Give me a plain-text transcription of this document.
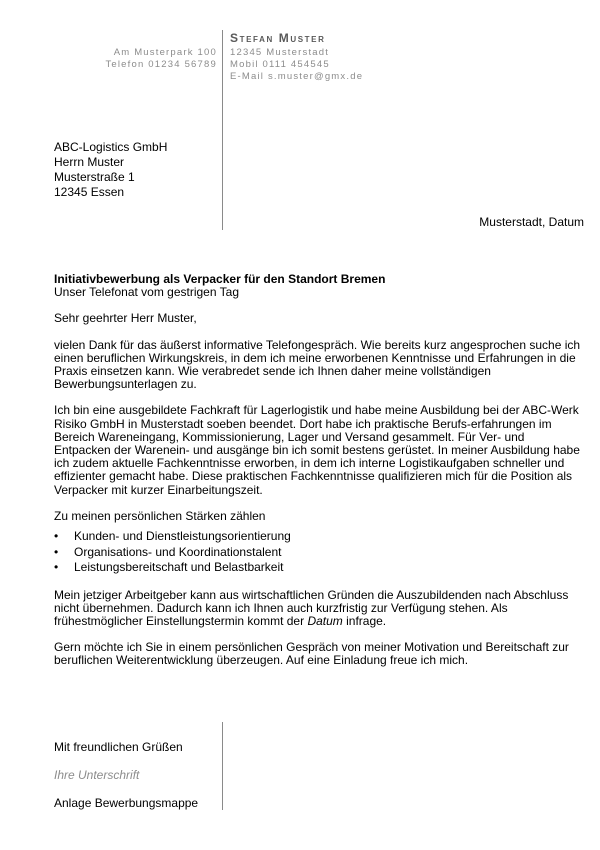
Stefan Muster
Am Musterpark 100
Telefon 01234 56789
12345 Musterstadt
Mobil 0111 454545
E-Mail s.muster@gmx.de
ABC-Logistics GmbH
Herrn Muster
Musterstraße 1
12345 Essen
Musterstadt, Datum
Initiativbewerbung als Verpacker für den Standort Bremen
Unser Telefonat vom gestrigen Tag

Sehr geehrter Herr Muster,

vielen Dank für das äußerst informative Telefongespräch. Wie bereits kurz angesprochen suche ich einen beruflichen Wirkungskreis, in dem ich meine erworbenen Kenntnisse und Erfahrungen in die Praxis einsetzen kann. Wie verabredet sende ich Ihnen daher meine vollständigen Bewerbungsunterlagen zu.

Ich bin eine ausgebildete Fachkraft für Lagerlogistik und habe meine Ausbildung bei der ABC-Werk Risiko GmbH in Musterstadt soeben beendet. Dort habe ich praktische Berufs-erfahrungen im Bereich Wareneingang, Kommissionierung, Lager und Versand gesammelt. Für Ver- und Entpacken der Warenein- und ausgänge bin ich somit bestens gerüstet. In meiner Ausbildung habe ich zudem aktuelle Fachkenntnisse erworben, in dem ich interne Logistikaufgaben schneller und effizienter gemacht habe. Diese praktischen Fachkenntnisse qualifizieren mich für die Position als Verpacker mit kurzer Einarbeitungszeit.

Zu meinen persönlichen Stärken zählen

• Kunden- und Dienstleistungsorientierung
• Organisations- und Koordinationstalent
• Leistungsbereitschaft und Belastbarkeit

Mein jetziger Arbeitgeber kann aus wirtschaftlichen Gründen die Auszubildenden nach Abschluss nicht übernehmen. Dadurch kann ich Ihnen auch kurzfristig zur Verfügung stehen. Als frühestmöglicher Einstellungstermin kommt der Datum infrage.

Gern möchte ich Sie in einem persönlichen Gespräch von meiner Motivation und Bereitschaft zur beruflichen Weiterentwicklung überzeugen. Auf eine Einladung freue ich mich.

Mit freundlichen Grüßen
Ihre Unterschrift
Anlage Bewerbungsmappe
